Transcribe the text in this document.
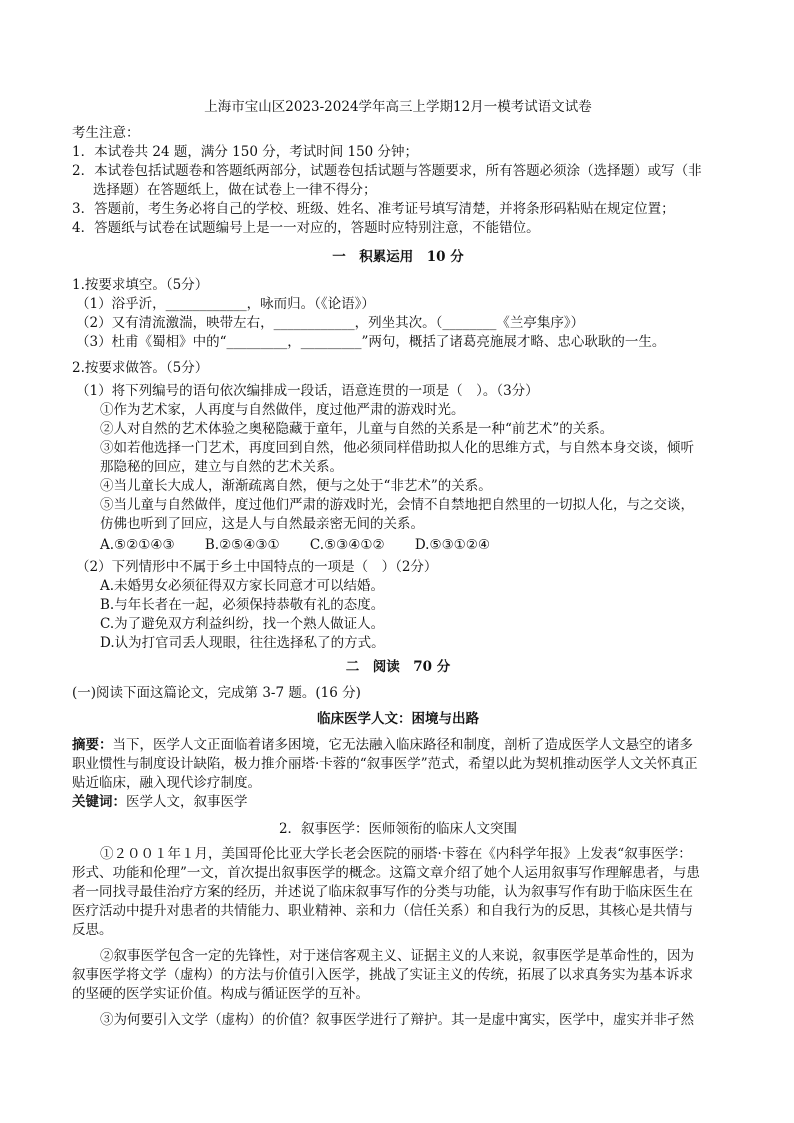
上海市宝山区2023-2024学年高三上学期12月一模考试语文试卷
考生注意：
1．本试卷共 24 题，满分 150 分，考试时间 150 分钟；
2．本试卷包括试题卷和答题纸两部分，试题卷包括试题与答题要求，所有答题必须涂（选择题）或写（非
选择题）在答题纸上，做在试卷上一律不得分；
3．答题前，考生务必将自己的学校、班级、姓名、准考证号填写清楚，并将条形码粘贴在规定位置；
4．答题纸与试卷在试题编号上是一一对应的，答题时应特别注意，不能错位。
一　积累运用　10 分
1.按要求填空。（5分）
（1）浴乎沂，____________，咏而归。（《论语》）
（2）又有清流激湍，映带左右，____________，列坐其次。（________《兰亭集序》）
（3）杜甫《蜀相》中的“_________，_________”两句，概括了诸葛亮施展才略、忠心耿耿的一生。
2.按要求做答。（5分）
（1）将下列编号的语句依次编排成一段话，语意连贯的一项是（　）。（3分）
①作为艺术家，人再度与自然做伴，度过他严肃的游戏时光。
②人对自然的艺术体验之奥秘隐藏于童年，儿童与自然的关系是一种“前艺术”的关系。
③如若他选择一门艺术，再度回到自然，他必须同样借助拟人化的思维方式，与自然本身交谈，倾听
那隐秘的回应，建立与自然的艺术关系。
④当儿童长大成人，渐渐疏离自然，便与之处于“非艺术”的关系。
⑤当儿童与自然做伴，度过他们严肃的游戏时光，会情不自禁地把自然里的一切拟人化，与之交谈，
仿佛也听到了回应，这是人与自然最亲密无间的关系。
A.⑤②①④③ B.②⑤④③① C.⑤③④①② D.⑤③①②④
（2）下列情形中不属于乡土中国特点的一项是（　）（2分）
A.未婚男女必须征得双方家长同意才可以结婚。
B.与年长者在一起，必须保持恭敬有礼的态度。
C.为了避免双方利益纠纷，找一个熟人做证人。
D.认为打官司丢人现眼，往往选择私了的方式。
二　阅读　70 分
(一)阅读下面这篇论文，完成第 3-7 题。(16 分)
临床医学人文：困境与出路
摘要：当下，医学人文正面临着诸多困境，它无法融入临床路径和制度，剖析了造成医学人文悬空的诸多
职业惯性与制度设计缺陷，极力推介丽塔·卡蓉的“叙事医学”范式，希望以此为契机推动医学人文关怀真正
贴近临床，融入现代诊疗制度。
关键词：医学人文，叙事医学
2．叙事医学：医师领衔的临床人文突围
①２００１年１月，美国哥伦比亚大学长老会医院的丽塔·卡蓉在《内科学年报》上发表“叙事医学：
形式、功能和伦理”一文，首次提出叙事医学的概念。这篇文章介绍了她个人运用叙事写作理解患者，与患
者一同找寻最佳治疗方案的经历，并述说了临床叙事写作的分类与功能，认为叙事写作有助于临床医生在
医疗活动中提升对患者的共情能力、职业精神、亲和力（信任关系）和自我行为的反思，其核心是共情与
反思。
②叙事医学包含一定的先锋性，对于迷信客观主义、证据主义的人来说，叙事医学是革命性的，因为
叙事医学将文学（虚构）的方法与价值引入医学，挑战了实证主义的传统，拓展了以求真务实为基本诉求
的坚硬的医学实证价值。构成与循证医学的互补。
③为何要引入文学（虚构）的价值？叙事医学进行了辩护。其一是虚中寓实，医学中，虚实并非孑然
